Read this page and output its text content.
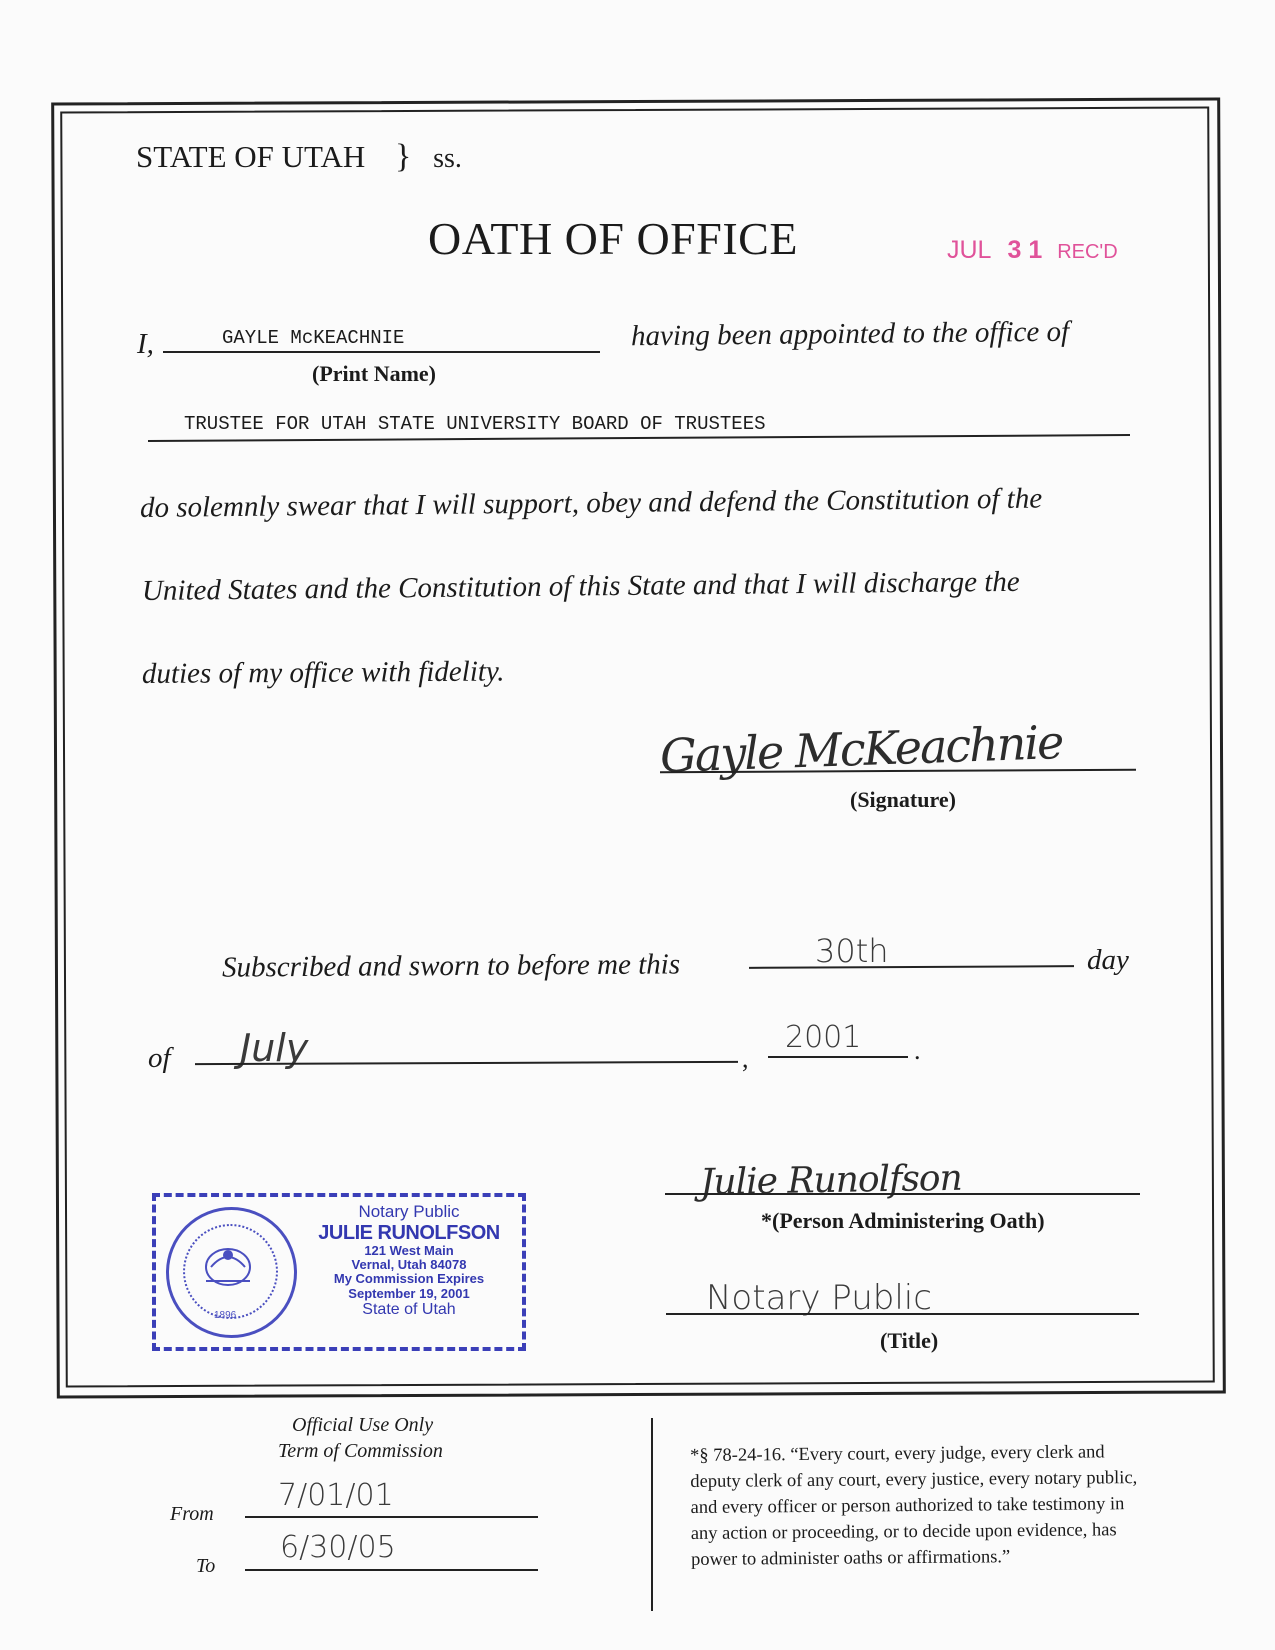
STATE OF UTAH } ss.
OATH OF OFFICE	JUL 3 1 REC'D
I,	GAYLE McKEACHNIE
(Print Name)
having been appointed to the office of
TRUSTEE FOR UTAH STATE UNIVERSITY BOARD OF TRUSTEES
do solemnly swear that I will support, obey and defend the Constitution of the
United States and the Constitution of this State and that I will discharge the
duties of my office with fidelity.
Gayle McKeachnie
(Signature)
Subscribed and sworn to before me this	30th	day
of July	,
2001 .
1896
Notary Public
JULIE RUNOLFSON
121 West Main
Vernal, Utah 84078
My Commission Expires
September 19, 2001
State of Utah
Julie Runolfson
*(Person Administering Oath)
Notary Public
(Title)
Official Use Only
Term of Commission
From
7/01/01
To
6/30/05
*§ 78-24-16. “Every court, every judge, every clerk and
deputy clerk of any court, every justice, every notary public,
and every officer or person authorized to take testimony in
any action or proceeding, or to decide upon evidence, has
power to administer oaths or affirmations.”
